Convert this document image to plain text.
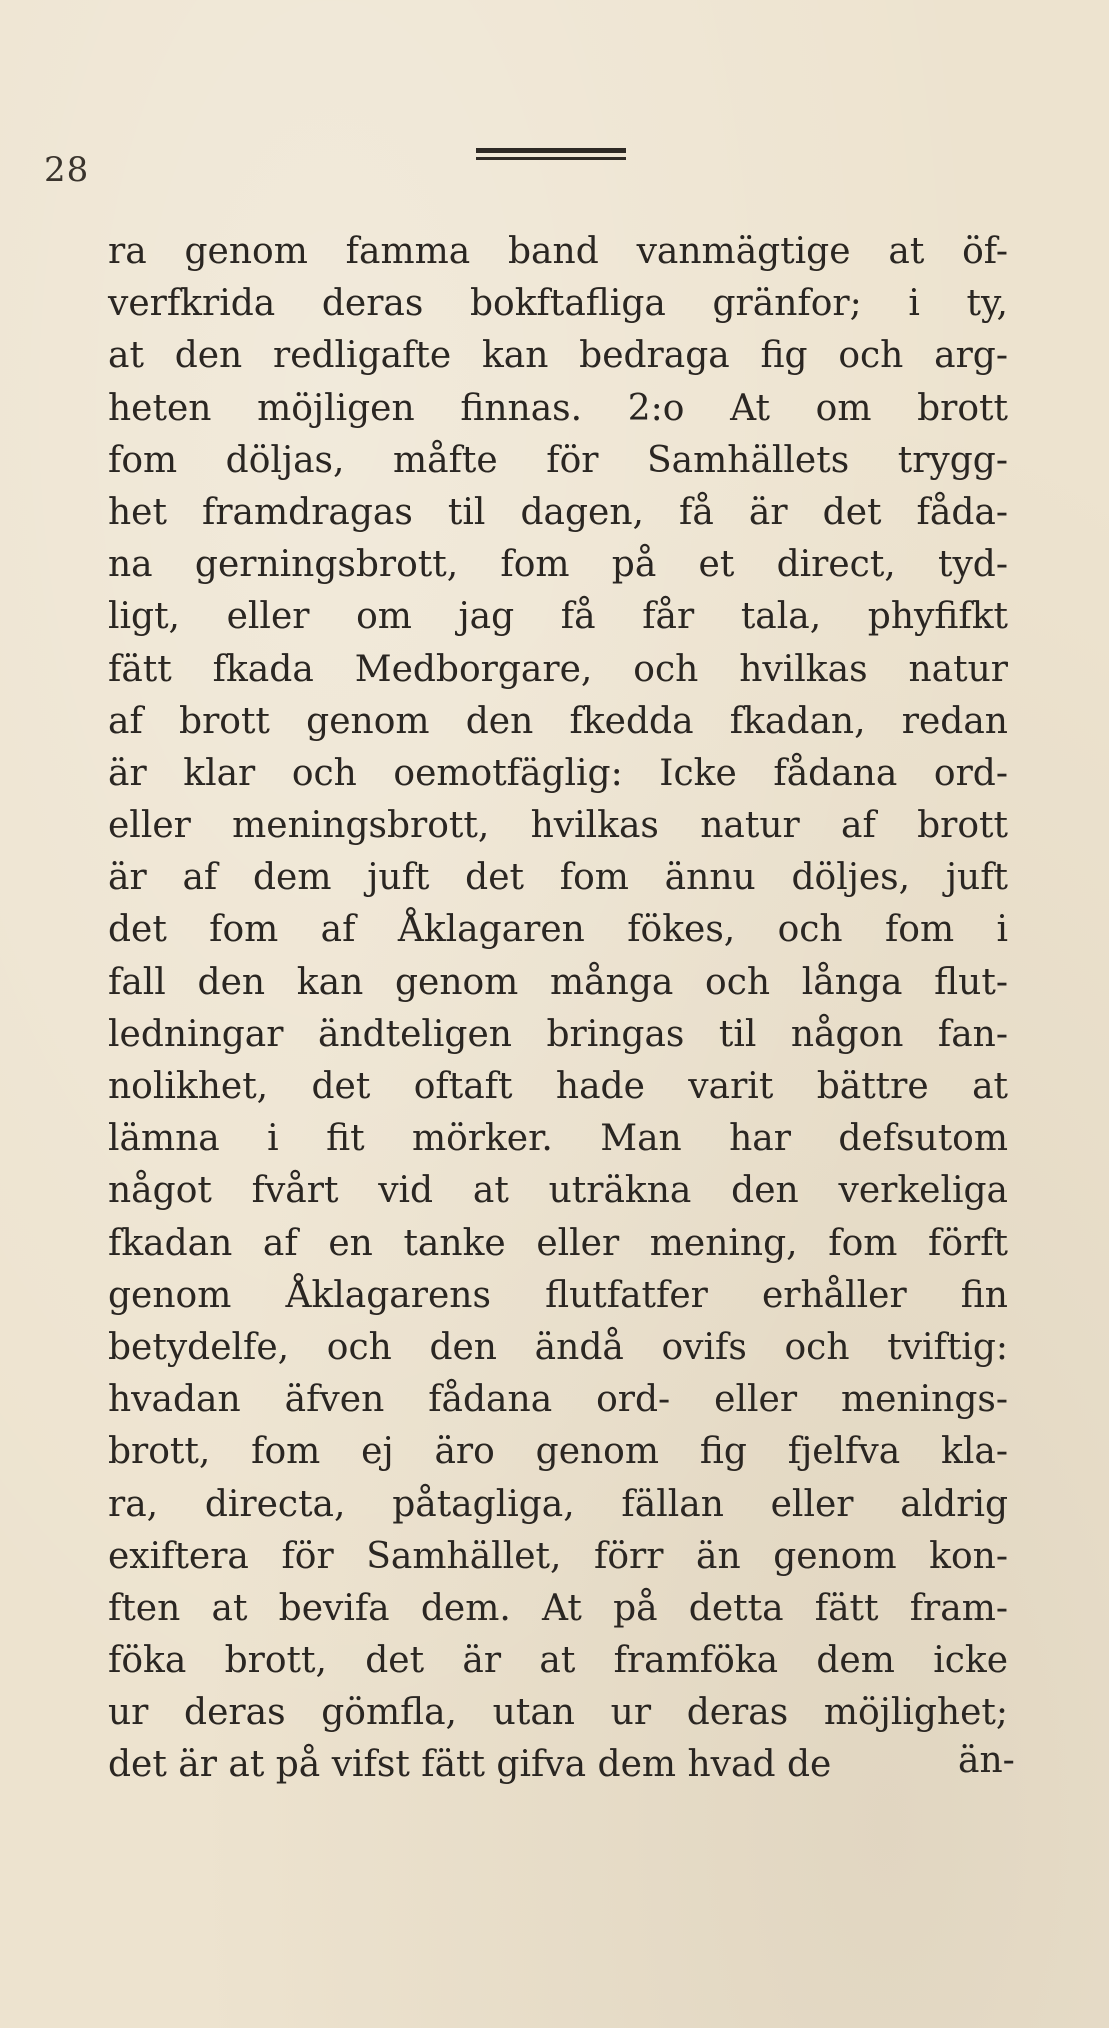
28
ra genom famma band vanmägtige at öf-
verfkrida deras bokftafliga gränfor; i ty,
at den redligafte kan bedraga fig och arg-
heten möjligen finnas. 2:o At om brott
fom döljas, måfte för Samhällets trygg-
het framdragas til dagen, få är det fåda-
na gerningsbrott, fom på et direct, tyd-
ligt, eller om jag få får tala, phyfifkt
fätt fkada Medborgare, och hvilkas natur
af brott genom den fkedda fkadan, redan
är klar och oemotfäglig: Icke fådana ord-
eller meningsbrott, hvilkas natur af brott
är af dem juft det fom ännu döljes, juft
det fom af Åklagaren fökes, och fom i
fall den kan genom många och långa flut-
ledningar ändteligen bringas til någon fan-
nolikhet, det oftaft hade varit bättre at
lämna i fit mörker. Man har defsutom
något fvårt vid at uträkna den verkeliga
fkadan af en tanke eller mening, fom förft
genom Åklagarens flutfatfer erhåller fin
betydelfe, och den ändå ovifs och tviftig:
hvadan äfven fådana ord- eller menings-
brott, fom ej äro genom fig fjelfva kla-
ra, directa, påtagliga, fällan eller aldrig
exiftera för Samhället, förr än genom kon-
ften at bevifa dem. At på detta fätt fram-
föka brott, det är at framföka dem icke
ur deras gömfla, utan ur deras möjlighet;
det är at på vifst fätt gifva dem hvad de	än-
